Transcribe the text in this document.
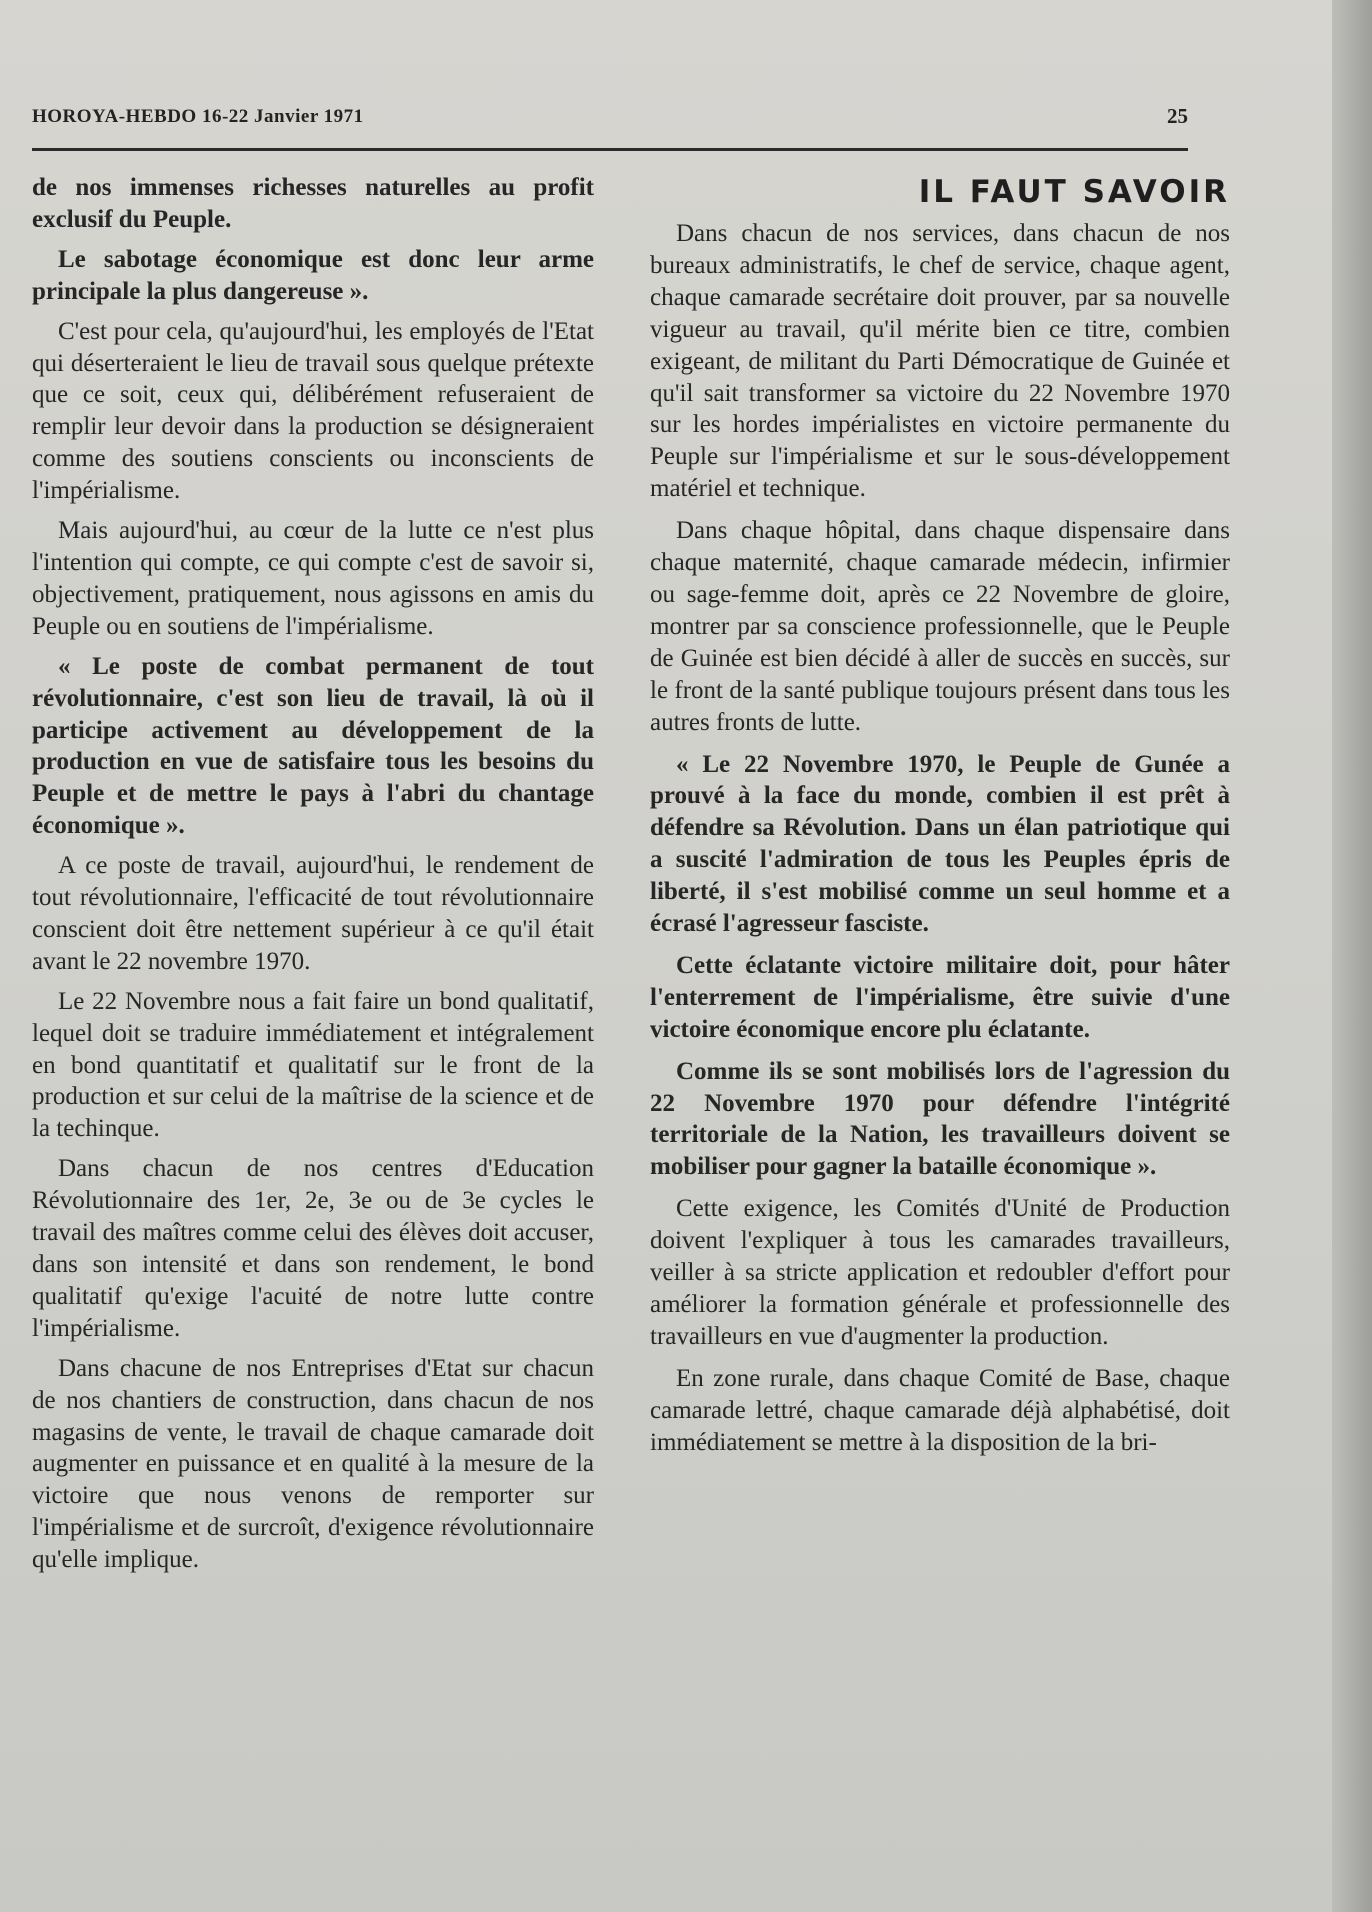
HOROYA-HEBDO 16-22 Janvier 1971	25

de nos immenses richesses naturelles au profit exclusif du Peuple.

Le sabotage économique est donc leur arme principale la plus dangereuse ».

C'est pour cela, qu'aujourd'hui, les employés de l'Etat qui déserteraient le lieu de travail sous quelque prétexte que ce soit, ceux qui, délibérément refuseraient de remplir leur devoir dans la production se désigneraient comme des soutiens conscients ou inconscients de l'impérialisme.

Mais aujourd'hui, au cœur de la lutte ce n'est plus l'intention qui compte, ce qui compte c'est de savoir si, objectivement, pratiquement, nous agissons en amis du Peuple ou en soutiens de l'impérialisme.

« Le poste de combat permanent de tout révolutionnaire, c'est son lieu de travail, là où il participe activement au développement de la production en vue de satisfaire tous les besoins du Peuple et de mettre le pays à l'abri du chantage économique ».

A ce poste de travail, aujourd'hui, le rendement de tout révolutionnaire, l'efficacité de tout révolutionnaire conscient doit être nettement supérieur à ce qu'il était avant le 22 novembre 1970.

Le 22 Novembre nous a fait faire un bond qualitatif, lequel doit se traduire immédiatement et intégralement en bond quantitatif et qualitatif sur le front de la production et sur celui de la maîtrise de la science et de la techinque.

Dans chacun de nos centres d'Education Révolutionnaire des 1er, 2e, 3e ou de 3e cycles le travail des maîtres comme celui des élèves doit accuser, dans son intensité et dans son rendement, le bond qualitatif qu'exige l'acuité de notre lutte contre l'impérialisme.

Dans chacune de nos Entreprises d'Etat sur chacun de nos chantiers de construction, dans chacun de nos magasins de vente, le travail de chaque camarade doit augmenter en puissance et en qualité à la mesure de la victoire que nous venons de remporter sur l'impérialisme et de surcroît, d'exigence révolutionnaire qu'elle implique.

IL FAUT SAVOIR

Dans chacun de nos services, dans chacun de nos bureaux administratifs, le chef de service, chaque agent, chaque camarade secrétaire doit prouver, par sa nouvelle vigueur au travail, qu'il mérite bien ce titre, combien exigeant, de militant du Parti Démocratique de Guinée et qu'il sait transformer sa victoire du 22 Novembre 1970 sur les hordes impérialistes en victoire permanente du Peuple sur l'impérialisme et sur le sous-développement matériel et technique.

Dans chaque hôpital, dans chaque dispensaire dans chaque maternité, chaque camarade médecin, infirmier ou sage-femme doit, après ce 22 Novembre de gloire, montrer par sa conscience professionnelle, que le Peuple de Guinée est bien décidé à aller de succès en succès, sur le front de la santé publique toujours présent dans tous les autres fronts de lutte.

« Le 22 Novembre 1970, le Peuple de Gunée a prouvé à la face du monde, combien il est prêt à défendre sa Révolution. Dans un élan patriotique qui a suscité l'admiration de tous les Peuples épris de liberté, il s'est mobilisé comme un seul homme et a écrasé l'agresseur fasciste.

Cette éclatante victoire militaire doit, pour hâter l'enterrement de l'impérialisme, être suivie d'une victoire économique encore plu éclatante.

Comme ils se sont mobilisés lors de l'agression du 22 Novembre 1970 pour défendre l'intégrité territoriale de la Nation, les travailleurs doivent se mobiliser pour gagner la bataille économique ».

Cette exigence, les Comités d'Unité de Production doivent l'expliquer à tous les camarades travailleurs, veiller à sa stricte application et redoubler d'effort pour améliorer la formation générale et professionnelle des travailleurs en vue d'augmenter la production.

En zone rurale, dans chaque Comité de Base, chaque camarade lettré, chaque camarade déjà alphabétisé, doit immédiatement se mettre à la disposition de la bri-
